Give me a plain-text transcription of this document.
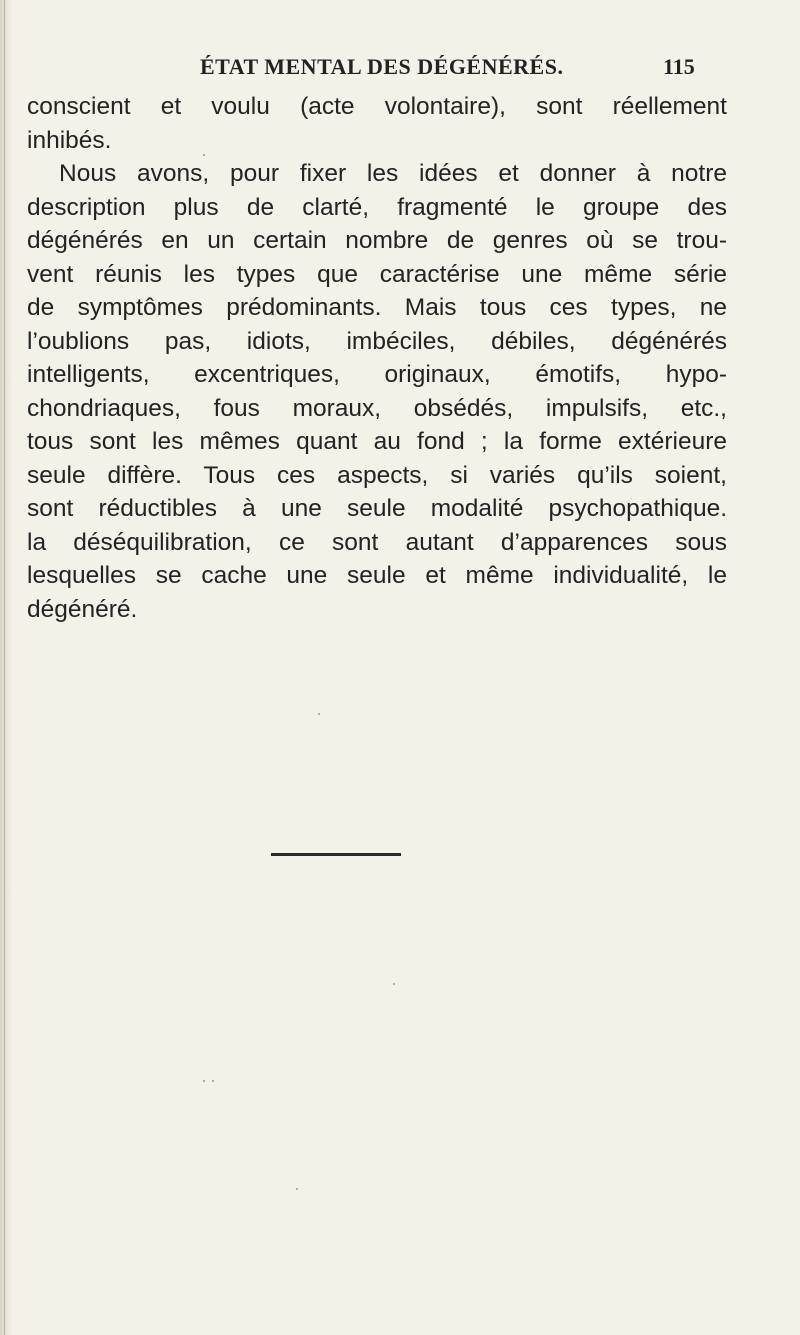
ÉTAT MENTAL DES DÉGÉNÉRÉS.	115
conscient et voulu (acte volontaire), sont réellement
inhibés.
Nous avons, pour fixer les idées et donner à notre
description plus de clarté, fragmenté le groupe des
dégénérés en un certain nombre de genres où se trou-
vent réunis les types que caractérise une même série
de symptômes prédominants. Mais tous ces types, ne
l’oublions pas, idiots, imbéciles, débiles, dégénérés
intelligents, excentriques, originaux, émotifs, hypo-
chondriaques, fous moraux, obsédés, impulsifs, etc.,
tous sont les mêmes quant au fond ; la forme extérieure
seule diffère. Tous ces aspects, si variés qu’ils soient,
sont réductibles à une seule modalité psychopathique.
la déséquilibration, ce sont autant d’apparences sous
lesquelles se cache une seule et même individualité, le
dégénéré.
